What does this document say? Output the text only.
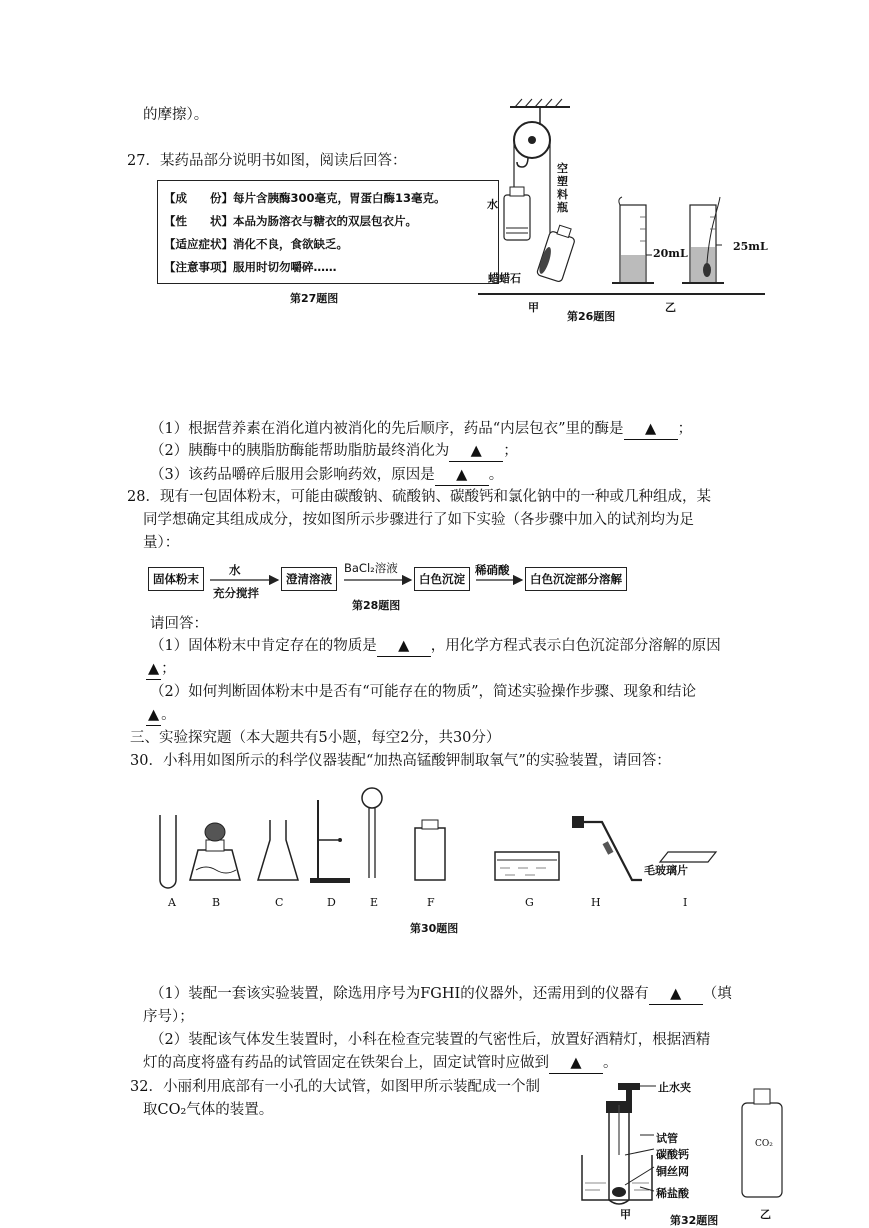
的摩擦）。
27．某药品部分说明书如图，阅读后回答：
【成　　份】每片含胰酶300毫克，胃蛋白酶13毫克。
【性　　状】本品为肠溶衣与糖衣的双层包衣片。
【适应症状】消化不良，食欲缺乏。
【注意事项】服用时切勿嚼碎……
第27题图
水
空塑料瓶
蜡蜡石
20mL
25mL
甲	乙
第26题图
（1）根据营养素在消化道内被消化的先后顺序，药品“内层包衣”里的酶是 ▲ ；
（2）胰酶中的胰脂肪酶能帮助脂肪最终消化为 ▲ ；
（3）该药品嚼碎后服用会影响药效，原因是 ▲ 。
28．现有一包固体粉末，可能由碳酸钠、硫酸钠、碳酸钙和氯化钠中的一种或几种组成，某
同学想确定其组成成分，按如图所示步骤进行了如下实验（各步骤中加入的试剂均为足
量）：
固体粉末
水
充分搅拌
澄清溶液
BaCl₂溶液
白色沉淀
稀硝酸
白色沉淀部分溶解
第28题图
请回答：
（1）固体粉末中肯定存在的物质是 ▲ ，用化学方程式表示白色沉淀部分溶解的原因
▲ ；
（2）如何判断固体粉末中是否有“可能存在的物质”，简述实验操作步骤、现象和结论
▲ 。
三、实验探究题（本大题共有5小题，每空2分，共30分）
30．小科用如图所示的科学仪器装配“加热高锰酸钾制取氧气”的实验装置，请回答：
毛玻璃片
A	B	C	D	E	F	G	H	I
第30题图
（1）装配一套该实验装置，除选用序号为FGHI的仪器外，还需用到的仪器有 ▲ （填
序号）；
（2）装配该气体发生装置时，小科在检查完装置的气密性后，放置好酒精灯，根据酒精
灯的高度将盛有药品的试管固定在铁架台上，固定试管时应做到 ▲ 。
32．小丽利用底部有一小孔的大试管，如图甲所示装配成一个制
取CO₂气体的装置。
止水夹
试管
碳酸钙
铜丝网
稀盐酸
CO₂
甲	乙
第32题图
